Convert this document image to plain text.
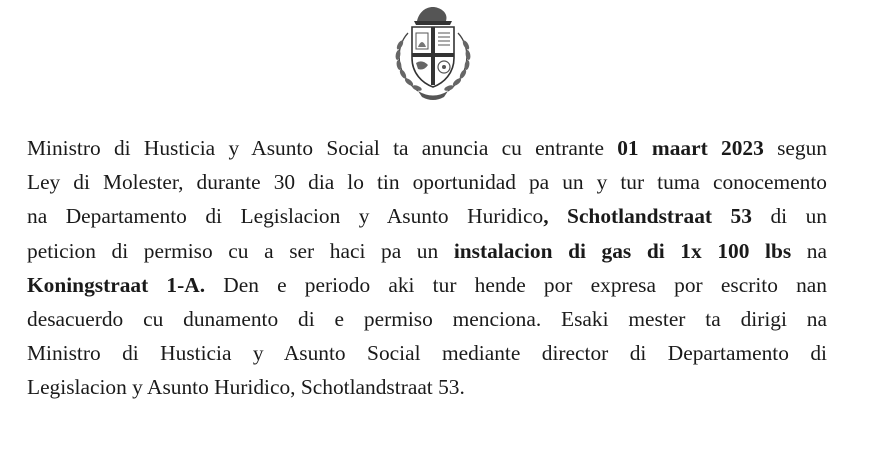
Ministro di Husticia y Asunto Social ta anuncia cu entrante 01 maart 2023 segun
Ley di Molester, durante 30 dia lo tin oportunidad pa un y tur tuma conocemento
na Departamento di Legislacion y Asunto Huridico, Schotlandstraat 53 di un
peticion di permiso cu a ser haci pa un instalacion di gas di 1x 100 lbs na
Koningstraat 1-A. Den e periodo aki tur hende por expresa por escrito nan
desacuerdo cu dunamento di e permiso menciona. Esaki mester ta dirigi na
Ministro di Husticia y Asunto Social mediante director di Departamento di
Legislacion y Asunto Huridico, Schotlandstraat 53.
